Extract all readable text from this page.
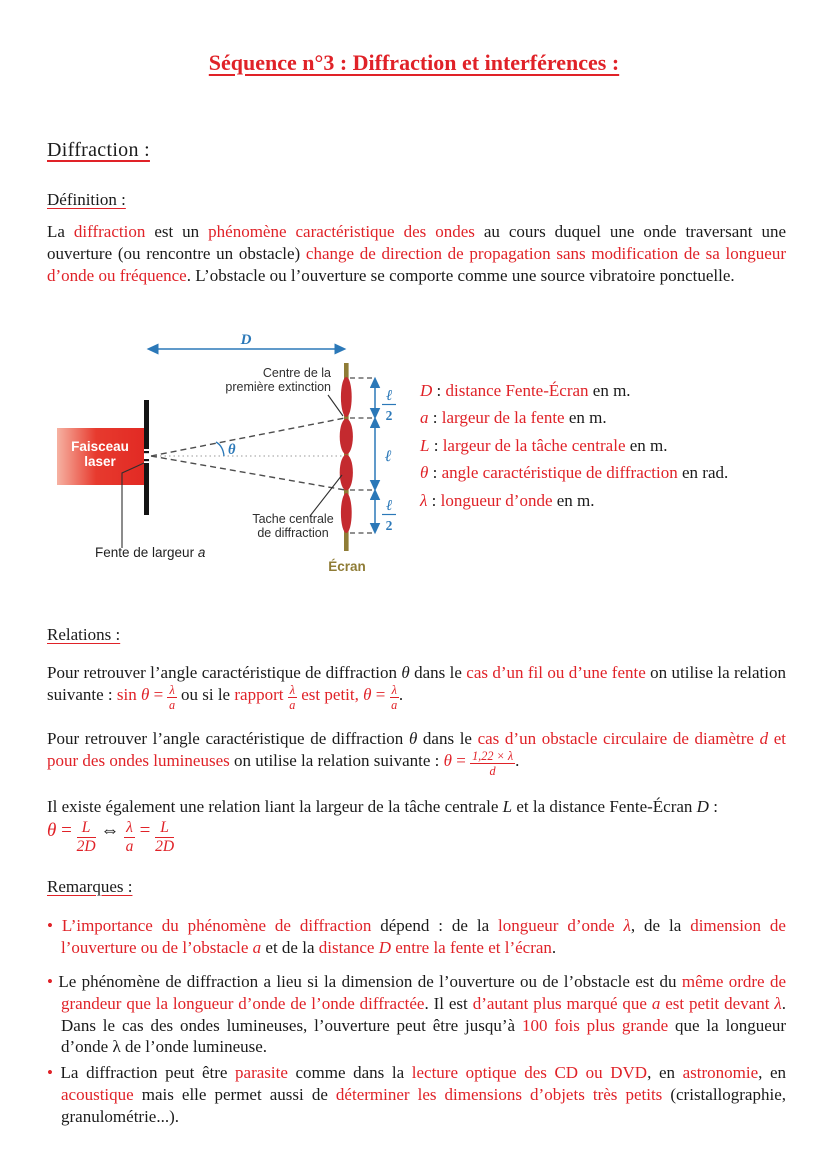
Séquence n°3 : Diffraction et interférences :
Diffraction :
Définition :
La diffraction est un phénomène caractéristique des ondes au cours duquel une onde traversant une ouverture (ou rencontre un obstacle) change de direction de propagation sans modification de sa longueur d’onde ou fréquence. L’obstacle ou l’ouverture se comporte comme une source vibratoire ponctuelle.
D
Faisceau
laser
θ
ℓ
2
ℓ
ℓ
2
Centre de la
première extinction
Tache centrale
de diffraction
Écran
Fente de largeur a
D : distance Fente-Écran en m.
a : largeur de la fente en m.
L : largeur de la tâche centrale en m.
θ : angle caractéristique de diffraction en rad.
λ : longueur d’onde en m.
Relations :
Pour retrouver l’angle caractéristique de diffraction θ dans le cas d’un fil ou d’une fente on utilise la relation suivante : $\sin \theta = \frac{\lambda}{a}$ ou si le rapport $\frac{\lambda}{a}$ est petit, $\theta = \frac{\lambda}{a}$ .
Pour retrouver l’angle caractéristique de diffraction θ dans le cas d’un obstacle circulaire de diamètre d et pour des ondes lumineuses on utilise la relation suivante : $\theta = \frac{1,22 \times \lambda}{d}$ .
Il existe également une relation liant la largeur de la tâche centrale L et la distance Fente-Écran D :
$\theta = \frac{L}{2D}$ ⇔ $\frac{\lambda}{a} = \frac{L}{2D}$
Remarques :
• L’importance du phénomène de diffraction dépend : de la longueur d’onde λ, de la dimension de l’ouverture ou de l’obstacle a et de la distance D entre la fente et l’écran.
• Le phénomène de diffraction a lieu si la dimension de l’ouverture ou de l’obstacle est du même ordre de grandeur que la longueur d’onde de l’onde diffractée. Il est d’autant plus marqué que a est petit devant λ. Dans le cas des ondes lumineuses, l’ouverture peut être jusqu’à 100 fois plus grande que la longueur d’onde λ de l’onde lumineuse.
• La diffraction peut être parasite comme dans la lecture optique des CD ou DVD, en astronomie, en acoustique mais elle permet aussi de déterminer les dimensions d’objets très petits (cristallographie, granulométrie...).
